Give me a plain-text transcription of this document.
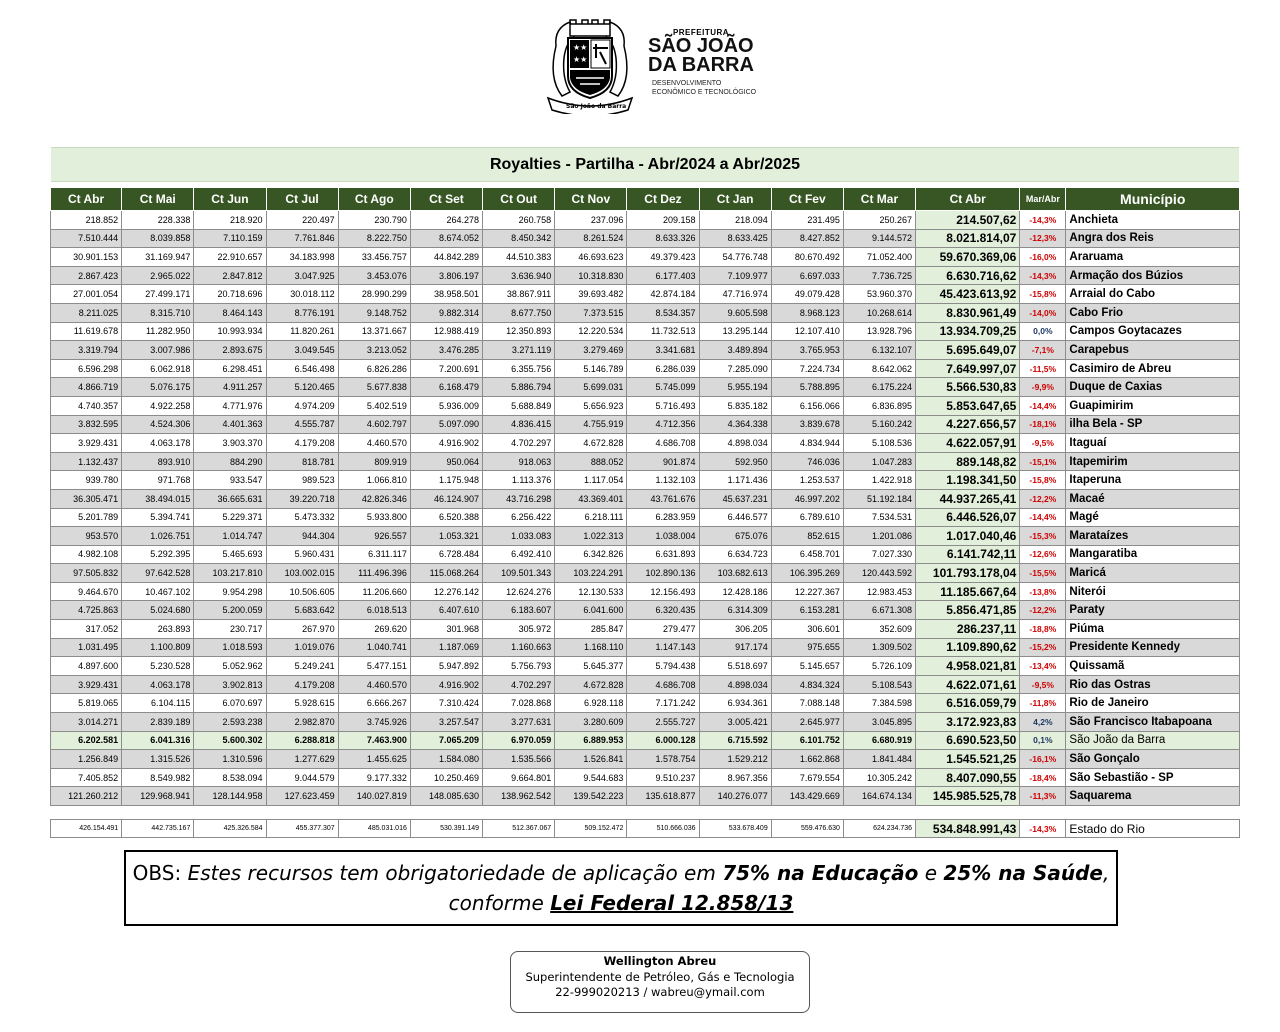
★★
★★
São João da Barra
PREFEITURA
SÃO JOÃO
DA BARRA
DESENVOLVIMENTO
ECONÔMICO E TECNOLÓGICO
Royalties - Partilha - Abr/2024 a Abr/2025
Ct Abr	Ct Mai	Ct Jun	Ct Jul	Ct Ago	Ct Set	Ct Out	Ct Nov	Ct Dez	Ct Jan	Ct Fev	Ct Mar	Ct Abr	Mar/Abr	Município
218.852	228.338	218.920	220.497	230.790	264.278	260.758	237.096	209.158	218.094	231.495	250.267	214.507,62	-14,3%	Anchieta
7.510.444	8.039.858	7.110.159	7.761.846	8.222.750	8.674.052	8.450.342	8.261.524	8.633.326	8.633.425	8.427.852	9.144.572	8.021.814,07	-12,3%	Angra dos Reis
30.901.153	31.169.947	22.910.657	34.183.998	33.456.757	44.842.289	44.510.383	46.693.623	49.379.423	54.776.748	80.670.492	71.052.400	59.670.369,06	-16,0%	Araruama
2.867.423	2.965.022	2.847.812	3.047.925	3.453.076	3.806.197	3.636.940	10.318.830	6.177.403	7.109.977	6.697.033	7.736.725	6.630.716,62	-14,3%	Armação dos Búzios
27.001.054	27.499.171	20.718.696	30.018.112	28.990.299	38.958.501	38.867.911	39.693.482	42.874.184	47.716.974	49.079.428	53.960.370	45.423.613,92	-15,8%	Arraial do Cabo
8.211.025	8.315.710	8.464.143	8.776.191	9.148.752	9.882.314	8.677.750	7.373.515	8.534.357	9.605.598	8.968.123	10.268.614	8.830.961,49	-14,0%	Cabo Frio
11.619.678	11.282.950	10.993.934	11.820.261	13.371.667	12.988.419	12.350.893	12.220.534	11.732.513	13.295.144	12.107.410	13.928.796	13.934.709,25	0,0%	Campos Goytacazes
3.319.794	3.007.986	2.893.675	3.049.545	3.213.052	3.476.285	3.271.119	3.279.469	3.341.681	3.489.894	3.765.953	6.132.107	5.695.649,07	-7,1%	Carapebus
6.596.298	6.062.918	6.298.451	6.546.498	6.826.286	7.200.691	6.355.756	5.146.789	6.286.039	7.285.090	7.224.734	8.642.062	7.649.997,07	-11,5%	Casimiro de Abreu
4.866.719	5.076.175	4.911.257	5.120.465	5.677.838	6.168.479	5.886.794	5.699.031	5.745.099	5.955.194	5.788.895	6.175.224	5.566.530,83	-9,9%	Duque de Caxias
4.740.357	4.922.258	4.771.976	4.974.209	5.402.519	5.936.009	5.688.849	5.656.923	5.716.493	5.835.182	6.156.066	6.836.895	5.853.647,65	-14,4%	Guapimirim
3.832.595	4.524.306	4.401.363	4.555.787	4.602.797	5.097.090	4.836.415	4.755.919	4.712.356	4.364.338	3.839.678	5.160.242	4.227.656,57	-18,1%	ilha Bela - SP
3.929.431	4.063.178	3.903.370	4.179.208	4.460.570	4.916.902	4.702.297	4.672.828	4.686.708	4.898.034	4.834.944	5.108.536	4.622.057,91	-9,5%	Itaguaí
1.132.437	893.910	884.290	818.781	809.919	950.064	918.063	888.052	901.874	592.950	746.036	1.047.283	889.148,82	-15,1%	Itapemirim
939.780	971.768	933.547	989.523	1.066.810	1.175.948	1.113.376	1.117.054	1.132.103	1.171.436	1.253.537	1.422.918	1.198.341,50	-15,8%	Itaperuna
36.305.471	38.494.015	36.665.631	39.220.718	42.826.346	46.124.907	43.716.298	43.369.401	43.761.676	45.637.231	46.997.202	51.192.184	44.937.265,41	-12,2%	Macaé
5.201.789	5.394.741	5.229.371	5.473.332	5.933.800	6.520.388	6.256.422	6.218.111	6.283.959	6.446.577	6.789.610	7.534.531	6.446.526,07	-14,4%	Magé
953.570	1.026.751	1.014.747	944.304	926.557	1.053.321	1.033.083	1.022.313	1.038.004	675.076	852.615	1.201.086	1.017.040,46	-15,3%	Marataízes
4.982.108	5.292.395	5.465.693	5.960.431	6.311.117	6.728.484	6.492.410	6.342.826	6.631.893	6.634.723	6.458.701	7.027.330	6.141.742,11	-12,6%	Mangaratiba
97.505.832	97.642.528	103.217.810	103.002.015	111.496.396	115.068.264	109.501.343	103.224.291	102.890.136	103.682.613	106.395.269	120.443.592	101.793.178,04	-15,5%	Maricá
9.464.670	10.467.102	9.954.298	10.506.605	11.206.660	12.276.142	12.624.276	12.130.533	12.156.493	12.428.186	12.227.367	12.983.453	11.185.667,64	-13,8%	Niterói
4.725.863	5.024.680	5.200.059	5.683.642	6.018.513	6.407.610	6.183.607	6.041.600	6.320.435	6.314.309	6.153.281	6.671.308	5.856.471,85	-12,2%	Paraty
317.052	263.893	230.717	267.970	269.620	301.968	305.972	285.847	279.477	306.205	306.601	352.609	286.237,11	-18,8%	Piúma
1.031.495	1.100.809	1.018.593	1.019.076	1.040.741	1.187.069	1.160.663	1.168.110	1.147.143	917.174	975.655	1.309.502	1.109.890,62	-15,2%	Presidente Kennedy
4.897.600	5.230.528	5.052.962	5.249.241	5.477.151	5.947.892	5.756.793	5.645.377	5.794.438	5.518.697	5.145.657	5.726.109	4.958.021,81	-13,4%	Quissamã
3.929.431	4.063.178	3.902.813	4.179.208	4.460.570	4.916.902	4.702.297	4.672.828	4.686.708	4.898.034	4.834.324	5.108.543	4.622.071,61	-9,5%	Rio das Ostras
5.819.065	6.104.115	6.070.697	5.928.615	6.666.267	7.310.424	7.028.868	6.928.118	7.171.242	6.934.361	7.088.148	7.384.598	6.516.059,79	-11,8%	Rio de Janeiro
3.014.271	2.839.189	2.593.238	2.982.870	3.745.926	3.257.547	3.277.631	3.280.609	2.555.727	3.005.421	2.645.977	3.045.895	3.172.923,83	4,2%	São Francisco Itabapoana
6.202.581	6.041.316	5.600.302	6.288.818	7.463.900	7.065.209	6.970.059	6.889.953	6.000.128	6.715.592	6.101.752	6.680.919	6.690.523,50	0,1%	São João da Barra
1.256.849	1.315.526	1.310.596	1.277.629	1.455.625	1.584.080	1.535.566	1.526.841	1.578.754	1.529.212	1.662.868	1.841.484	1.545.521,25	-16,1%	São Gonçalo
7.405.852	8.549.982	8.538.094	9.044.579	9.177.332	10.250.469	9.664.801	9.544.683	9.510.237	8.967.356	7.679.554	10.305.242	8.407.090,55	-18,4%	São Sebastião - SP
121.260.212	129.968.941	128.144.958	127.623.459	140.027.819	148.085.630	138.962.542	139.542.223	135.618.877	140.276.077	143.429.669	164.674.134	145.985.525,78	-11,3%	Saquarema
426.154.491	442.735.167	425.326.584	455.377.307	485.031.016	530.391.149	512.367.067	509.152.472	510.666.036	533.678.409	559.476.630	624.234.736	534.848.991,43	-14,3%	Estado do Rio
OBS: Estes recursos tem obrigatoriedade de aplicação em 75% na Educação e 25% na Saúde,
conforme Lei Federal 12.858/13
Wellington Abreu
Superintendente de Petróleo, Gás e Tecnologia
22-999020213 / wabreu@ymail.com
